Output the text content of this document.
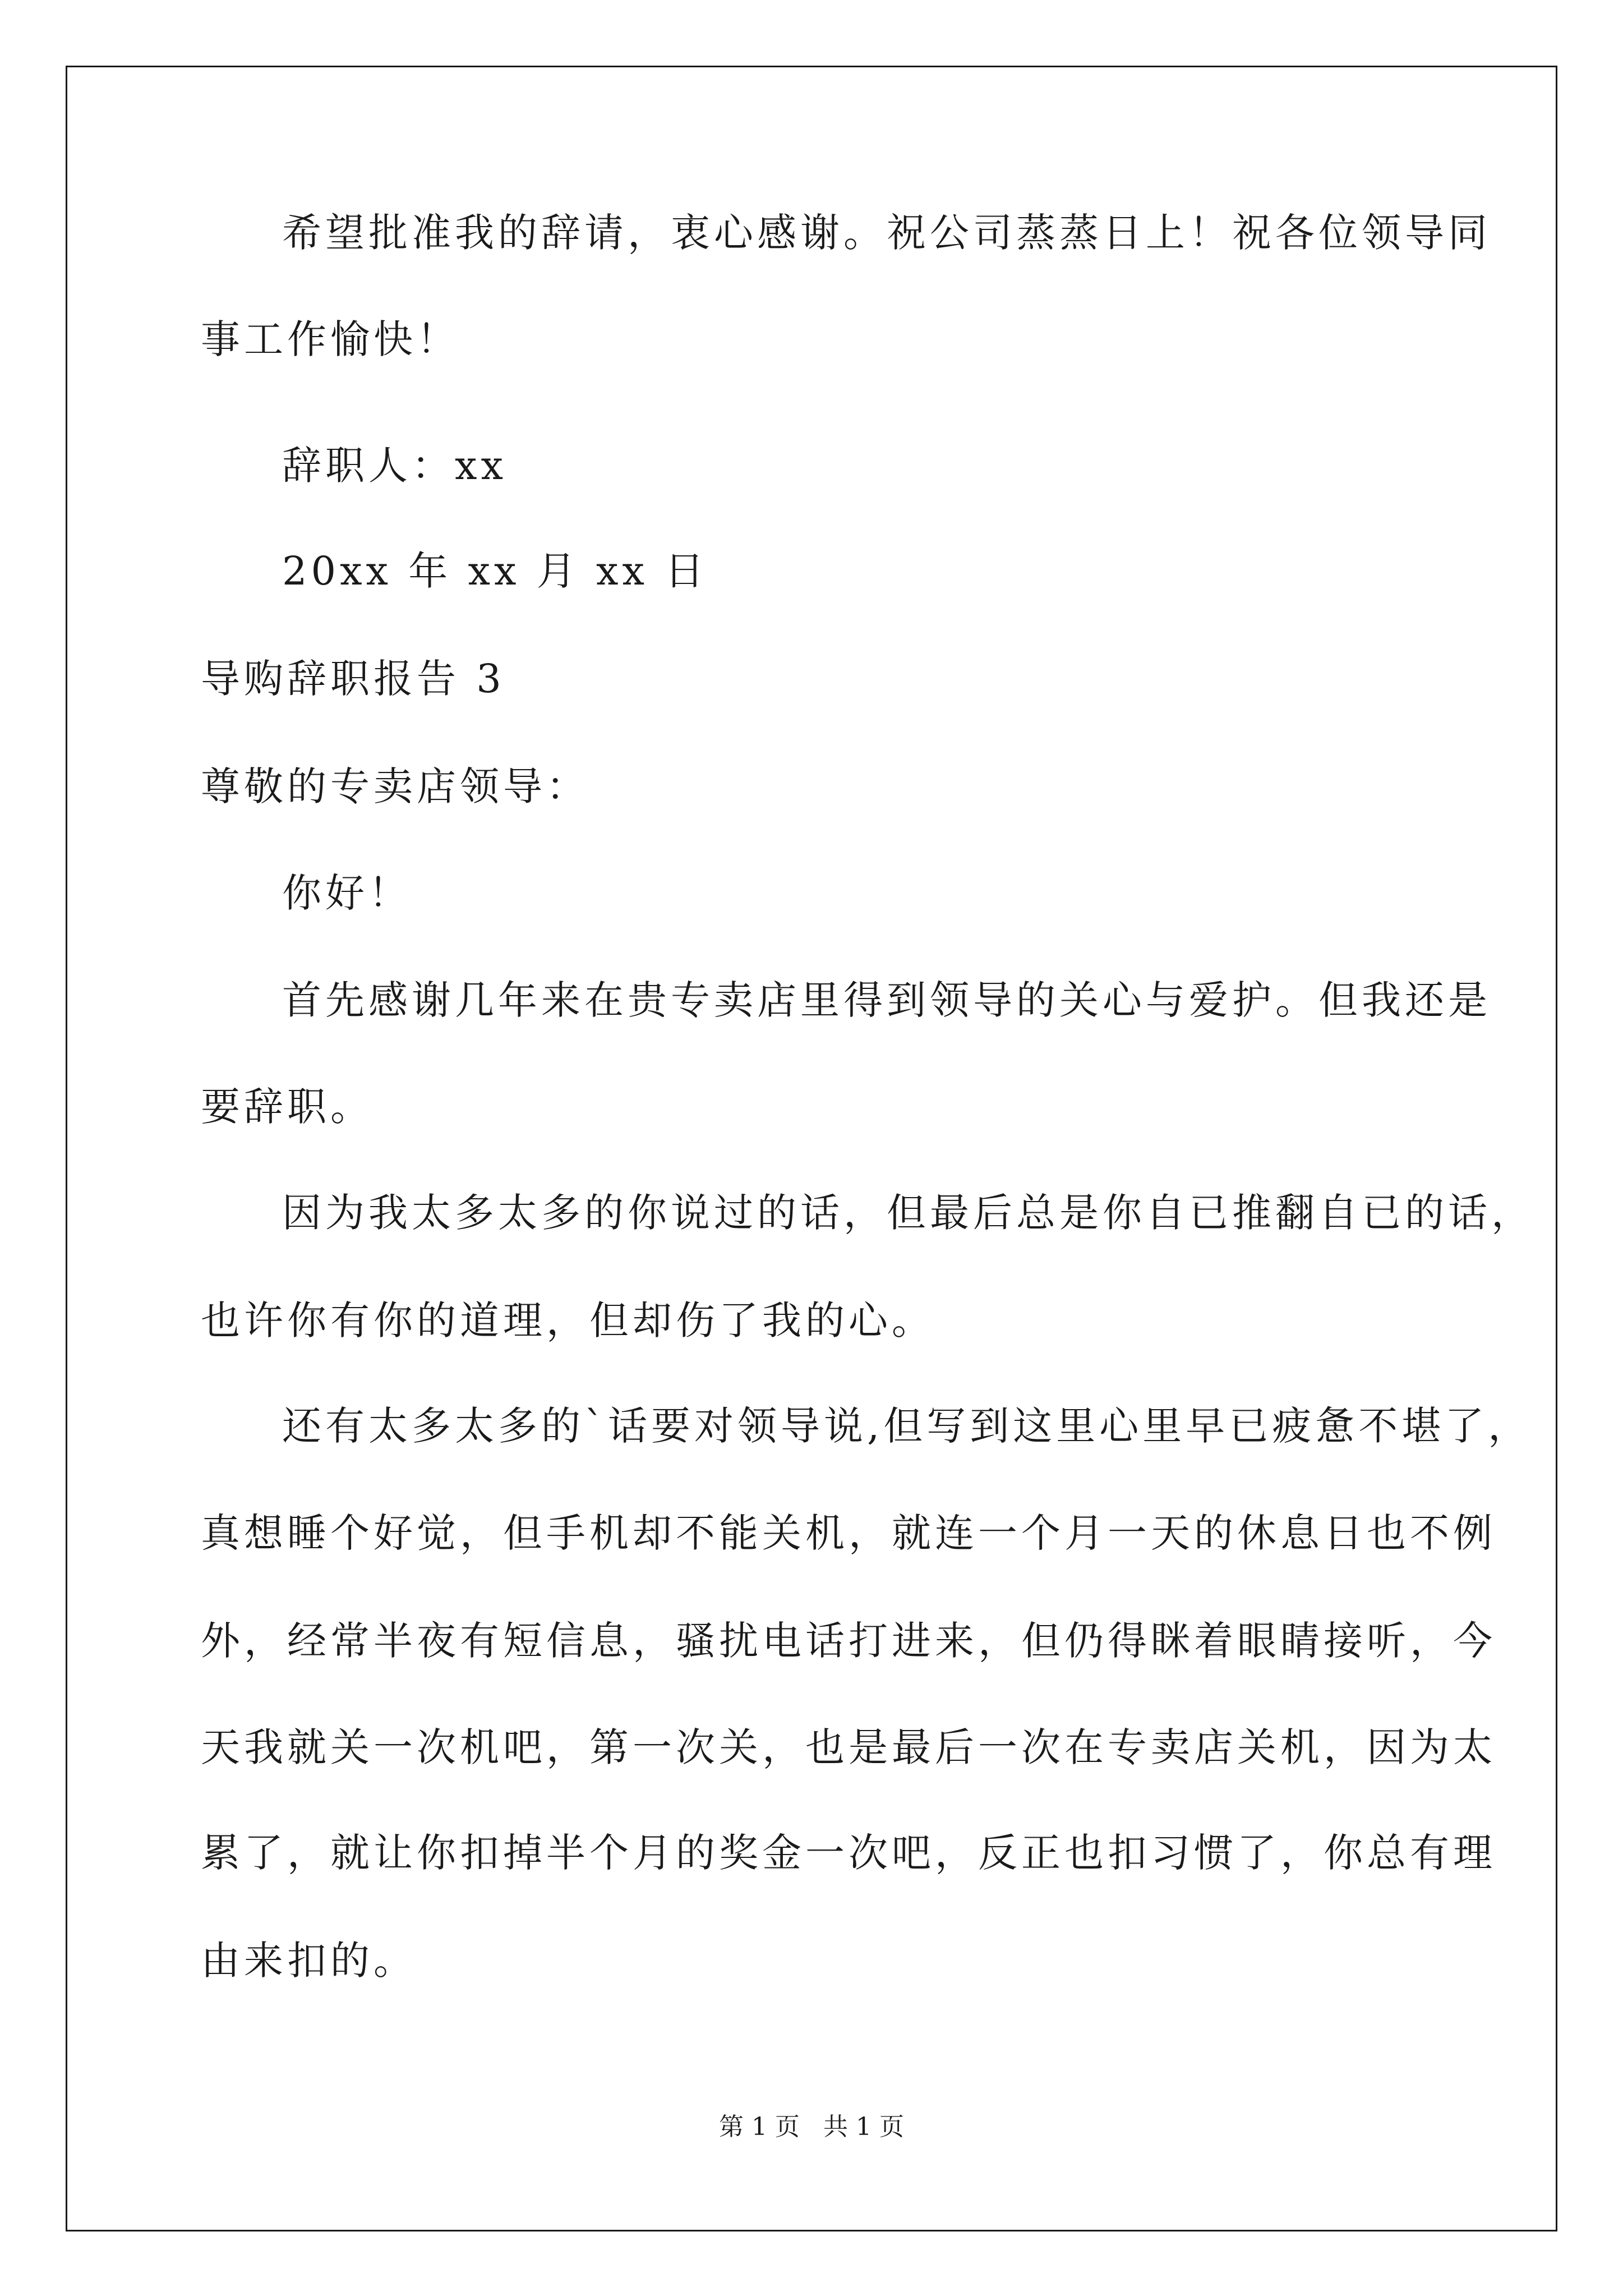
希望批准我的辞请，衷心感谢。祝公司蒸蒸日上！祝各位领导同
事工作愉快！
辞职人：xx
20xx 年 xx 月 xx 日
导购辞职报告 3
尊敬的专卖店领导：
你好！
首先感谢几年来在贵专卖店里得到领导的关心与爱护。但我还是
要辞职。
因为我太多太多的你说过的话，但最后总是你自已推翻自已的话，
也许你有你的道理，但却伤了我的心。
还有太多太多的`话要对领导说,但写到这里心里早已疲惫不堪了，
真想睡个好觉，但手机却不能关机，就连一个月一天的休息日也不例
外，经常半夜有短信息，骚扰电话打进来，但仍得眯着眼睛接听，今
天我就关一次机吧，第一次关，也是最后一次在专卖店关机，因为太
累了，就让你扣掉半个月的奖金一次吧，反正也扣习惯了，你总有理
由来扣的。
第 1 页   共 1 页
